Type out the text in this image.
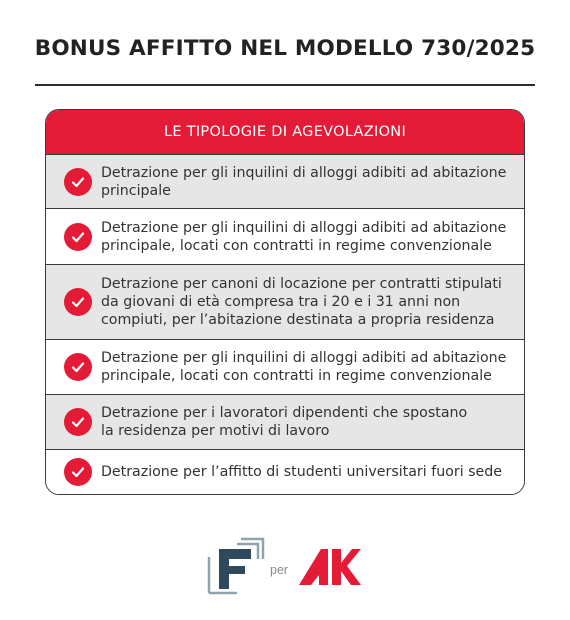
BONUS AFFITTO NEL MODELLO 730/2025
LE TIPOLOGIE DI AGEVOLAZIONI
Detrazione per gli inquilini di alloggi adibiti ad abitazione
principale
Detrazione per gli inquilini di alloggi adibiti ad abitazione
principale, locati con contratti in regime convenzionale
Detrazione per canoni di locazione per contratti stipulati
da giovani di età compresa tra i 20 e i 31 anni non
compiuti, per l’abitazione destinata a propria residenza
Detrazione per gli inquilini di alloggi adibiti ad abitazione
principale, locati con contratti in regime convenzionale
Detrazione per i lavoratori dipendenti che spostano
la residenza per motivi di lavoro
Detrazione per l’affitto di studenti universitari fuori sede
per
